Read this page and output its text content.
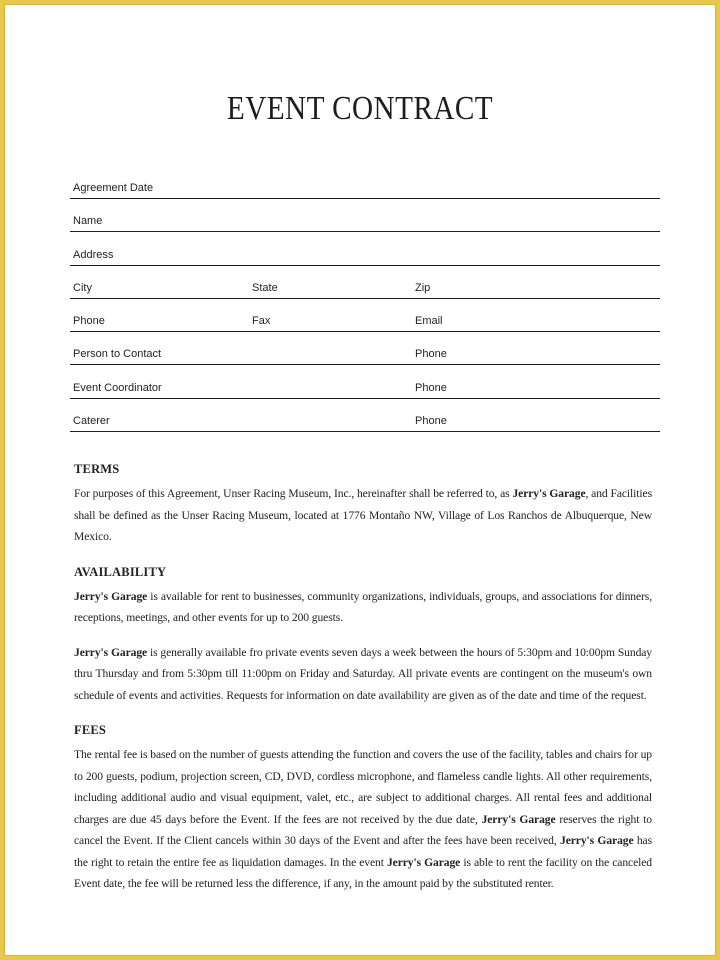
EVENT CONTRACT
Agreement Date
Name
Address
City	State	Zip
Phone	Fax	Email
Person to Contact	Phone
Event Coordinator	Phone
Caterer	Phone
TERMS

For purposes of this Agreement, Unser Racing Museum, Inc., hereinafter shall be referred to, as Jerry's Garage, and Facilities shall be defined as the Unser Racing Museum, located at 1776 Montaño NW, Village of Los Ranchos de Albuquerque, New Mexico.

AVAILABILITY

Jerry's Garage is available for rent to businesses, community organizations, individuals, groups, and associations for dinners, receptions, meetings, and other events for up to 200 guests.

Jerry's Garage is generally available fro private events seven days a week between the hours of 5:30pm and 10:00pm Sunday thru Thursday and from 5:30pm till 11:00pm on Friday and Saturday. All private events are contingent on the museum's own schedule of events and activities. Requests for information on date availability are given as of the date and time of the request.

FEES

The rental fee is based on the number of guests attending the function and covers the use of the facility, tables and chairs for up to 200 guests, podium, projection screen, CD, DVD, cordless microphone, and flameless candle lights. All other requirements, including additional audio and visual equipment, valet, etc., are subject to additional charges. All rental fees and additional charges are due 45 days before the Event. If the fees are not received by the due date, Jerry's Garage reserves the right to cancel the Event. If the Client cancels within 30 days of the Event and after the fees have been received, Jerry's Garage has the right to retain the entire fee as liquidation damages. In the event Jerry's Garage is able to rent the facility on the canceled Event date, the fee will be returned less the difference, if any, in the amount paid by the substituted renter.
